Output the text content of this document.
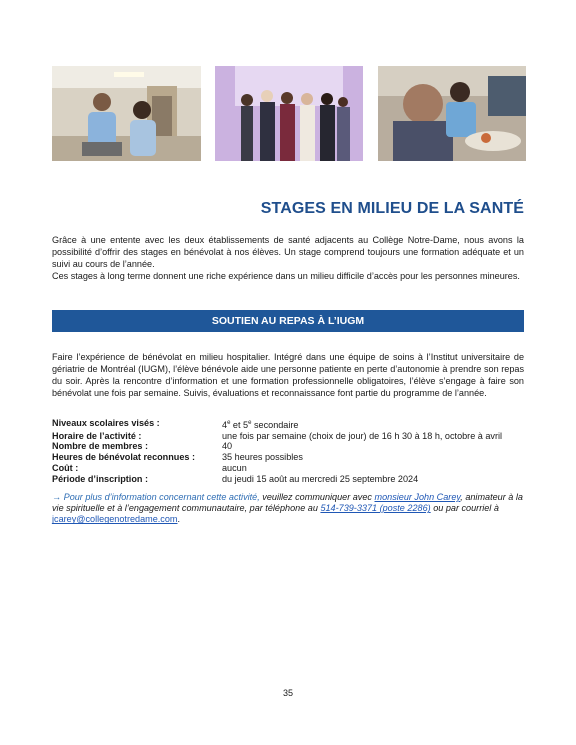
STAGES EN MILIEU DE LA SANTÉ

Grâce à une entente avec les deux établissements de santé adjacents au Collège Notre-Dame, nous avons la possibilité d’offrir des stages en bénévolat à nos élèves. Un stage comprend toujours une formation adéquate et un suivi au cours de l’année.

Ces stages à long terme donnent une riche expérience dans un milieu difficile d’accès pour les personnes mineures.

SOUTIEN AU REPAS À L’IUGM

Faire l’expérience de bénévolat en milieu hospitalier. Intégré dans une équipe de soins à l’Institut universitaire de gériatrie de Montréal (IUGM), l’élève bénévole aide une personne patiente en perte d’autonomie à prendre son repas du soir. Après la rencontre d’information et une formation professionnelle obligatoires, l’élève s’engage à faire son bénévolat une fois par semaine. Suivis, évaluations et reconnaissance font partie du programme de l’année.

Niveaux scolaires visés :	4e et 5e secondaire
Horaire de l’activité :	une fois par semaine (choix de jour) de 16 h 30 à 18 h, octobre à avril
Nombre de membres :	40
Heures de bénévolat reconnues :	35 heures possibles
Coût :	aucun
Période d’inscription :	du jeudi 15 août au mercredi 25 septembre 2024

→ Pour plus d’information concernant cette activité, veuillez communiquer avec monsieur John Carey, animateur à la vie spirituelle et à l’engagement communautaire, par téléphone au 514-739-3371 (poste 2286) ou par courriel à jcarey@collegenotredame.com.

35
